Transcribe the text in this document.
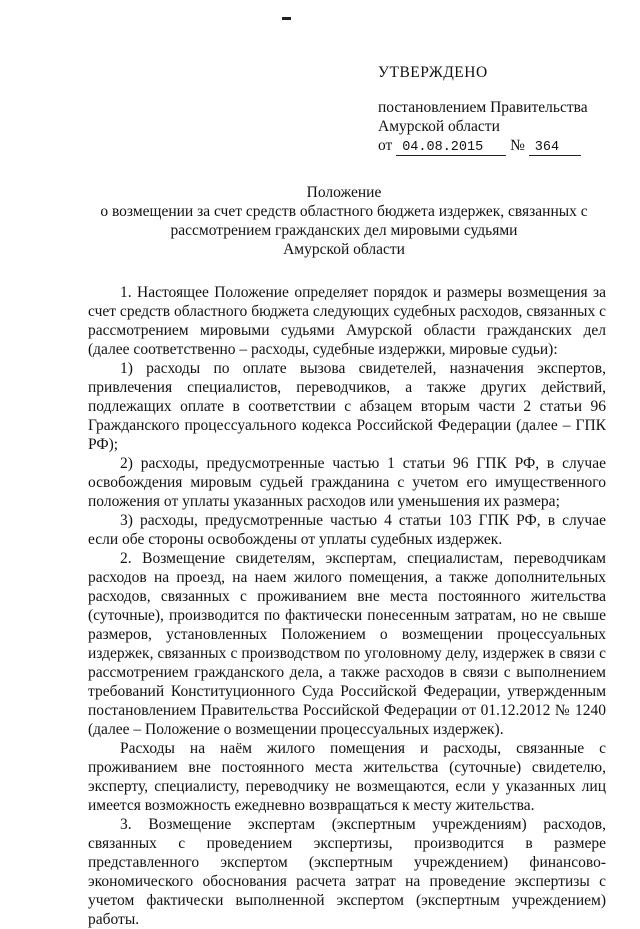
УТВЕРЖДЕНО
постановлением Правительства
Амурской области
от 04.08.2015 № 364
Положение
о возмещении за счет средств областного бюджета издержек, связанных с
рассмотрением гражданских дел мировыми судьями
Амурской области

1. Настоящее Положение определяет порядок и размеры возмещения за счет средств областного бюджета следующих судебных расходов, связанных с рассмотрением мировыми судьями Амурской области гражданских дел (далее соответственно – расходы, судебные издержки, мировые судьи):

1) расходы по оплате вызова свидетелей, назначения экспертов, привлечения специалистов, переводчиков, а также других действий, подлежащих оплате в соответствии с абзацем вторым части 2 статьи 96 Гражданского процессуального кодекса Российской Федерации (далее – ГПК РФ);

2) расходы, предусмотренные частью 1 статьи 96 ГПК РФ, в случае освобождения мировым судьей гражданина с учетом его имущественного положения от уплаты указанных расходов или уменьшения их размера;

3) расходы, предусмотренные частью 4 статьи 103 ГПК РФ, в случае если обе стороны освобождены от уплаты судебных издержек.

2. Возмещение свидетелям, экспертам, специалистам, переводчикам расходов на проезд, на наем жилого помещения, а также дополнительных расходов, связанных с проживанием вне места постоянного жительства (суточные), производится по фактически понесенным затратам, но не свыше размеров, установленных Положением о возмещении процессуальных издержек, связанных с производством по уголовному делу, издержек в связи с рассмотрением гражданского дела, а также расходов в связи с выполнением требований Конституционного Суда Российской Федерации, утвержденным постановлением Правительства Российской Федерации от 01.12.2012 № 1240 (далее – Положение о возмещении процессуальных издержек).

Расходы на наём жилого помещения и расходы, связанные с проживанием вне постоянного места жительства (суточные) свидетелю, эксперту, специалисту, переводчику не возмещаются, если у указанных лиц имеется возможность ежедневно возвращаться к месту жительства.

3. Возмещение экспертам (экспертным учреждениям) расходов, связанных с проведением экспертизы, производится в размере представленного экспертом (экспертным учреждением) финансово-экономического обоснования расчета затрат на проведение экспертизы с учетом фактически выполненной экспертом (экспертным учреждением) работы.
